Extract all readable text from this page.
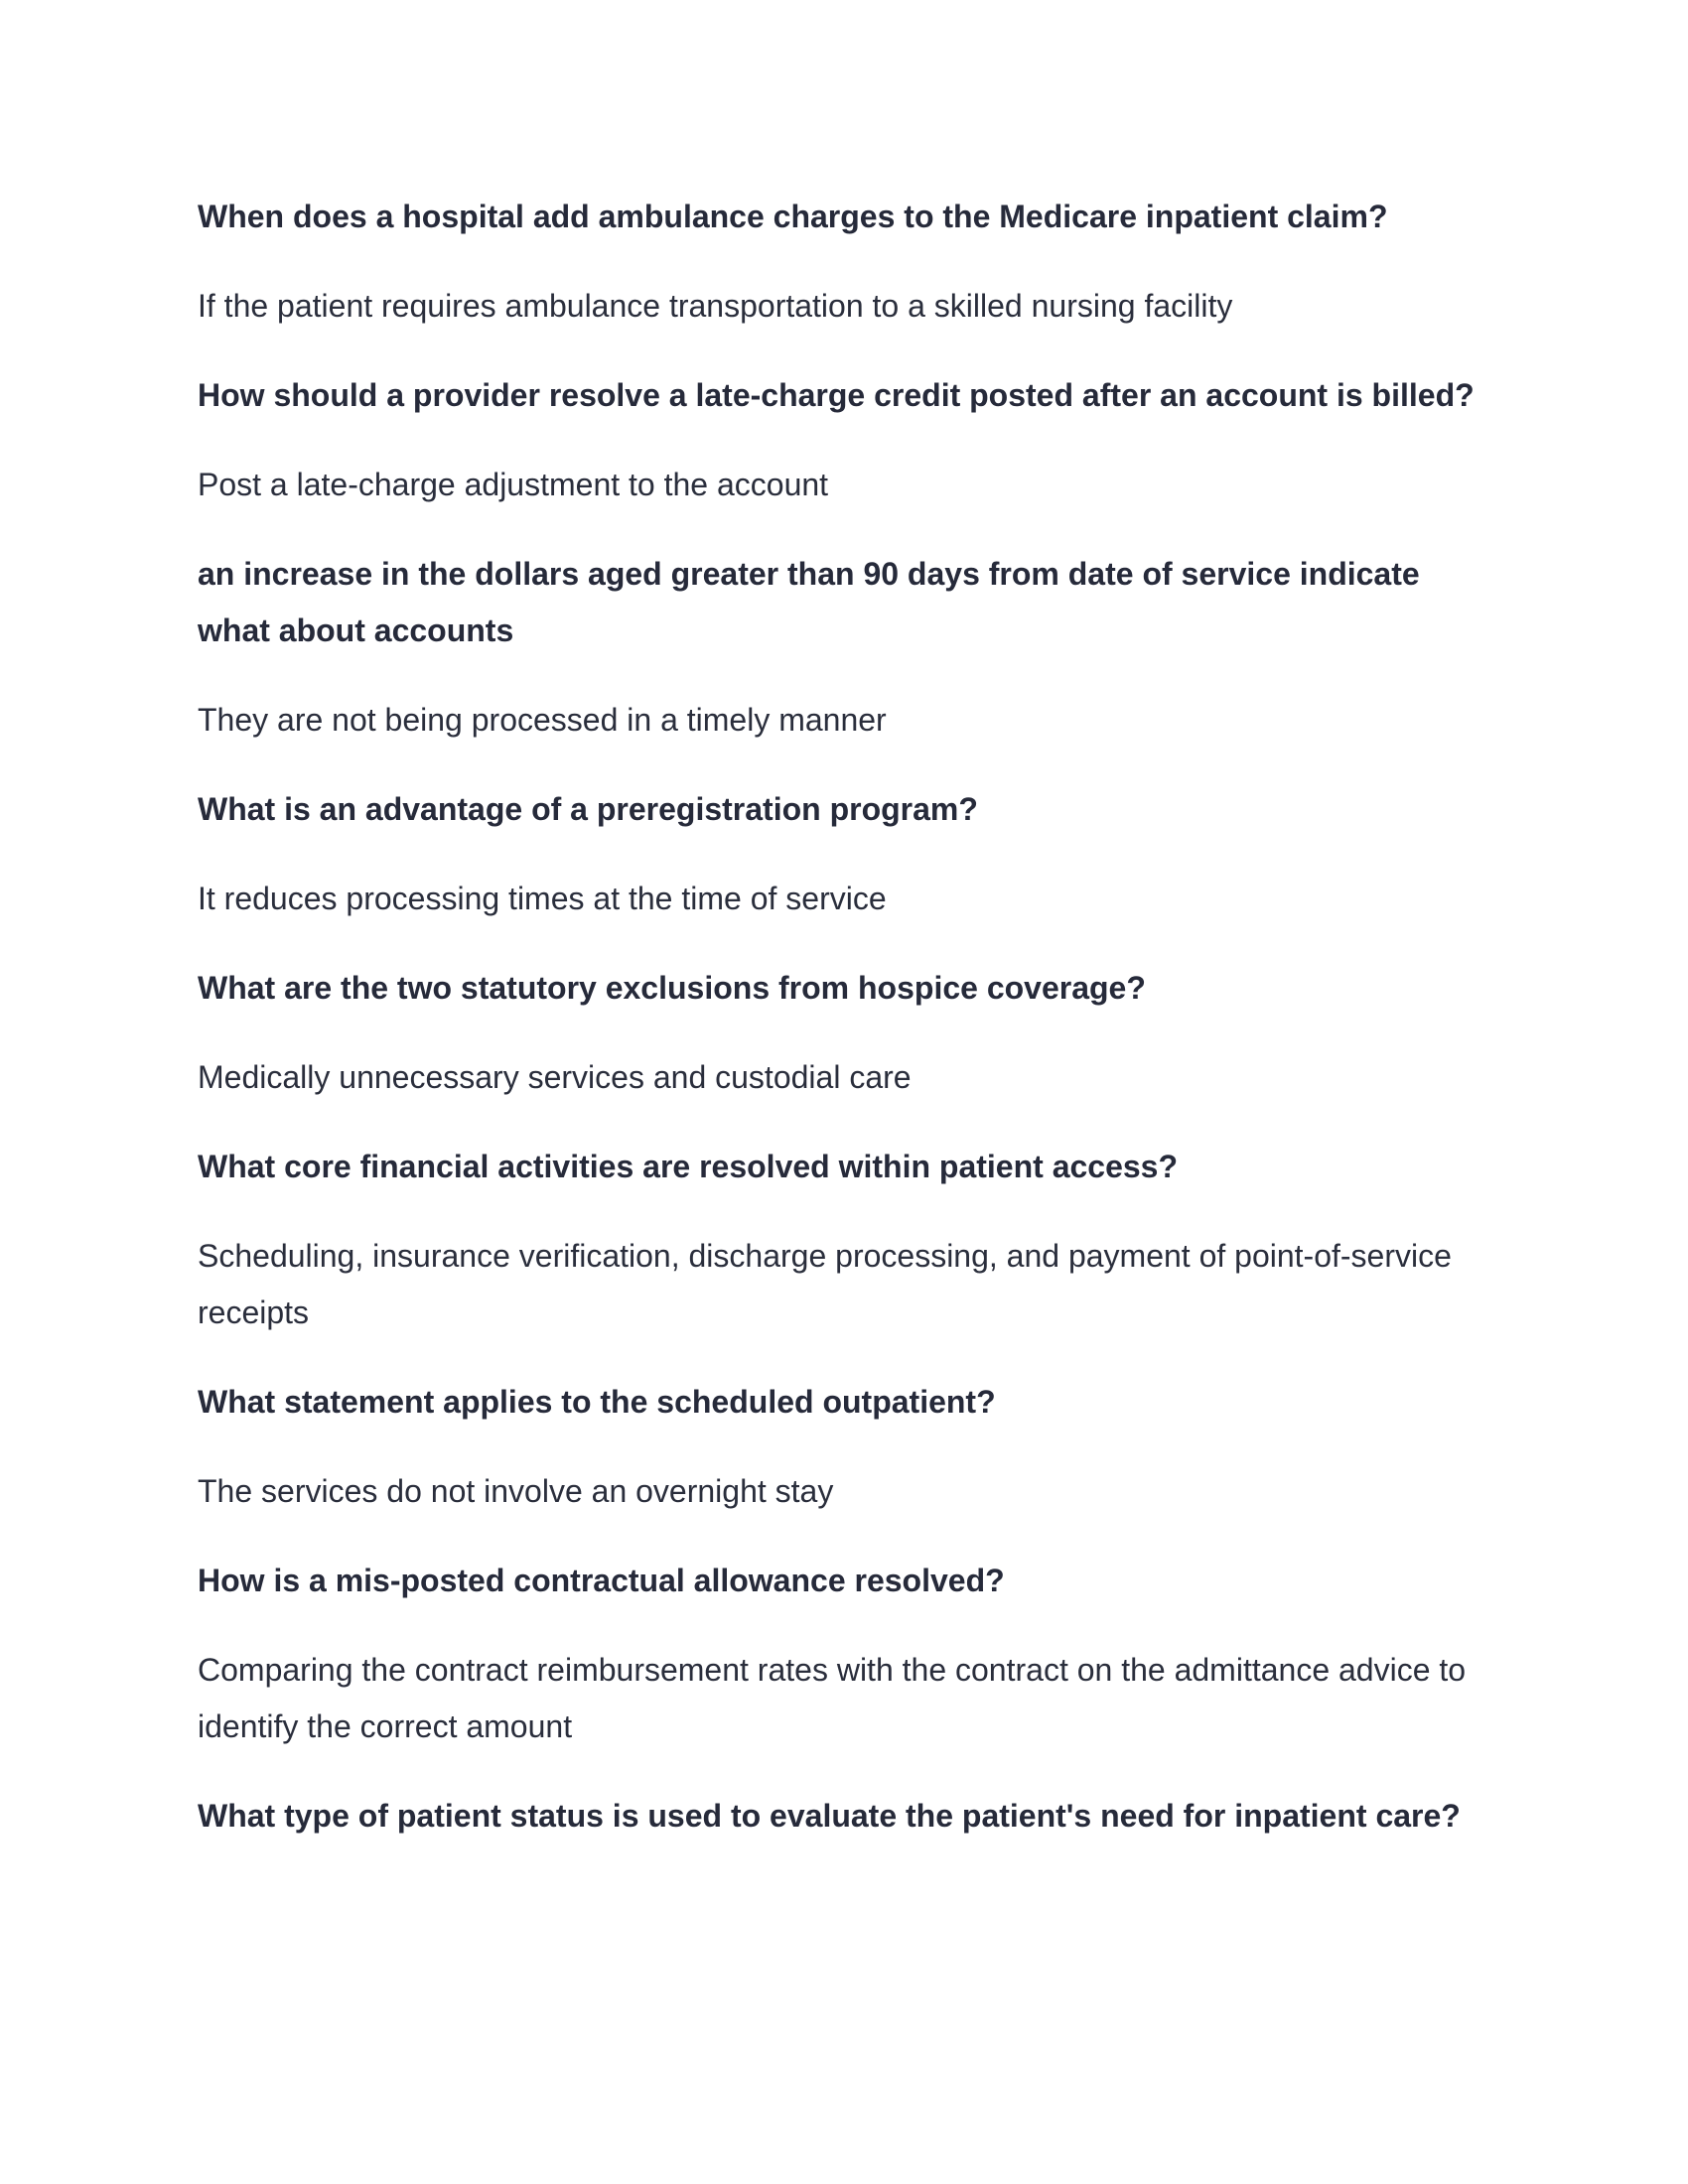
When does a hospital add ambulance charges to the Medicare inpatient claim?

If the patient requires ambulance transportation to a skilled nursing facility

How should a provider resolve a late-charge credit posted after an account is billed?

Post a late-charge adjustment to the account

an increase in the dollars aged greater than 90 days from date of service indicate what about accounts

They are not being processed in a timely manner

What is an advantage of a preregistration program?

It reduces processing times at the time of service

What are the two statutory exclusions from hospice coverage?

Medically unnecessary services and custodial care

What core financial activities are resolved within patient access?

Scheduling, insurance verification, discharge processing, and payment of point-of-service receipts

What statement applies to the scheduled outpatient?

The services do not involve an overnight stay

How is a mis-posted contractual allowance resolved?

Comparing the contract reimbursement rates with the contract on the admittance advice to identify the correct amount

What type of patient status is used to evaluate the patient's need for inpatient care?
